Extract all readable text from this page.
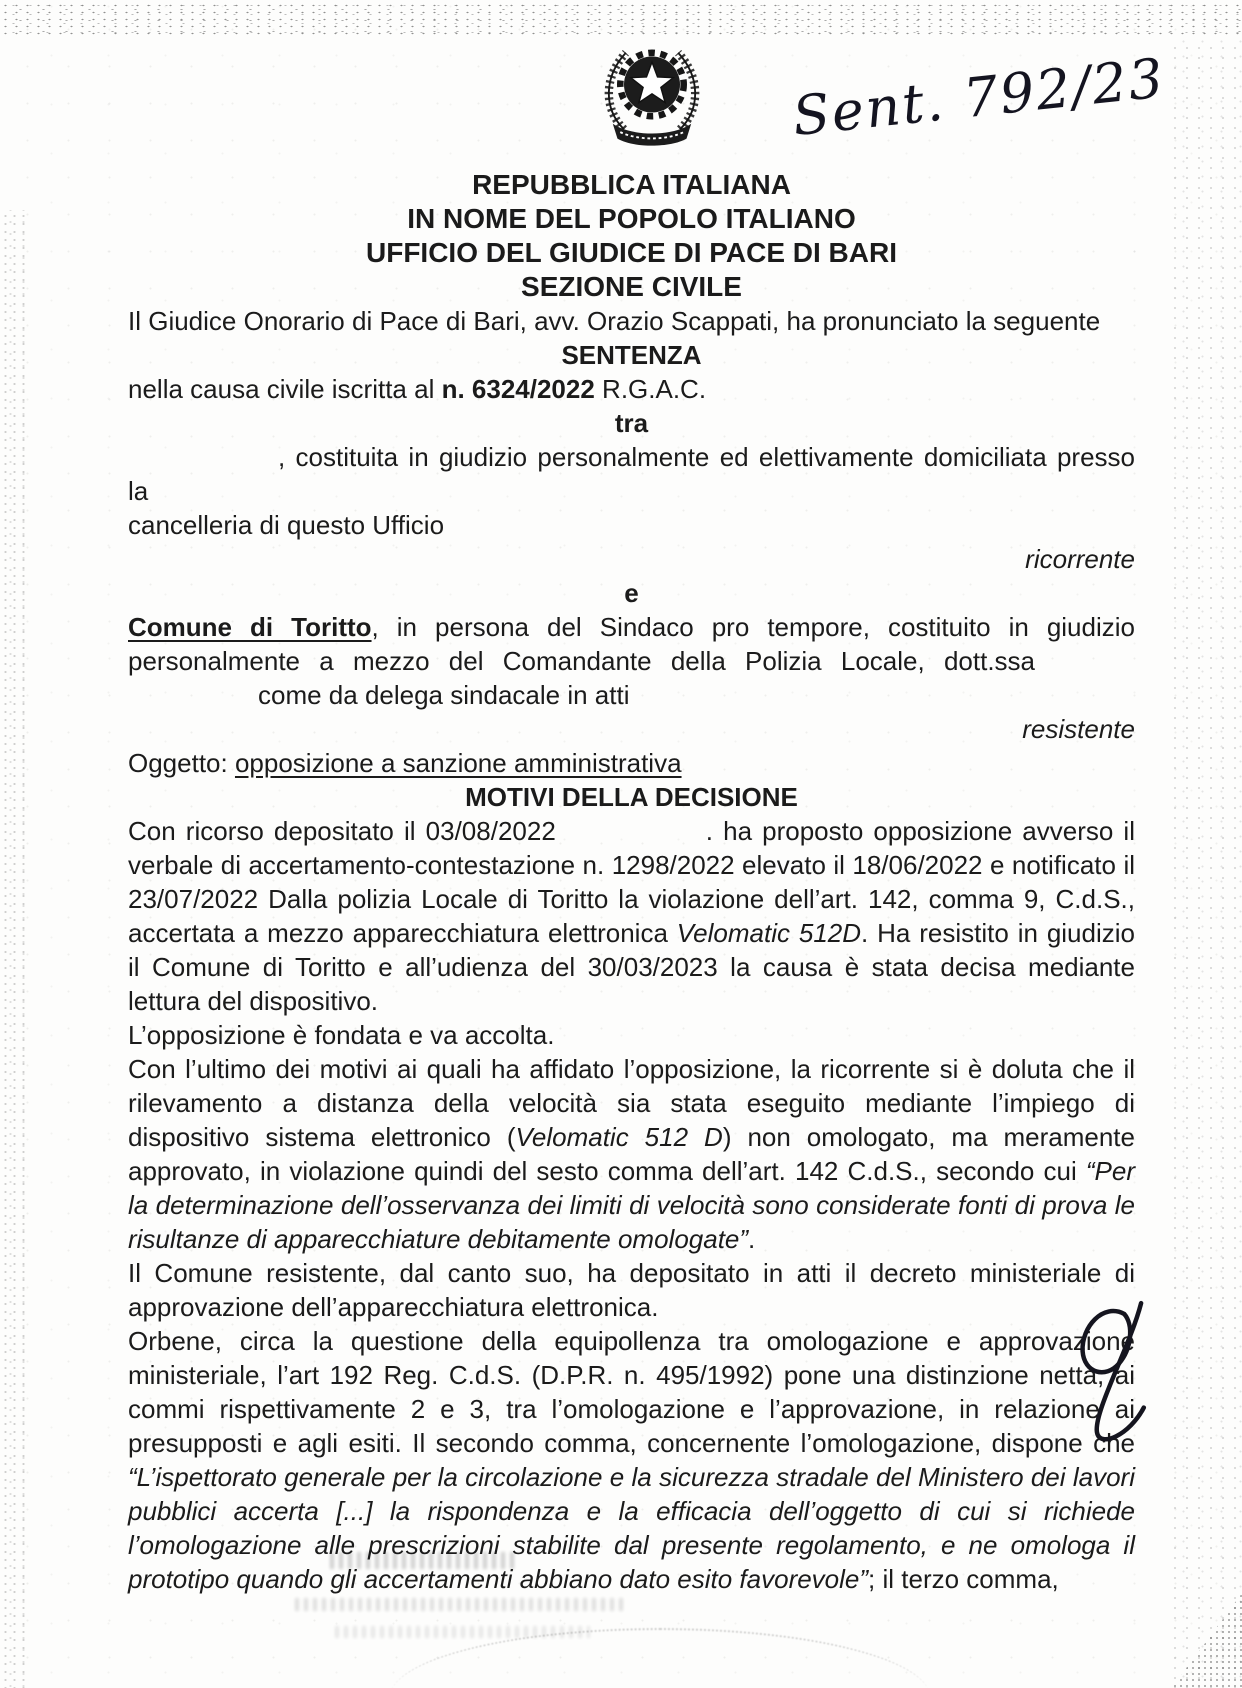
Sent. 792/23
REPUBBLICA ITALIANA
IN NOME DEL POPOLO ITALIANO
UFFICIO DEL GIUDICE DI PACE DI BARI
SEZIONE CIVILE
Il Giudice Onorario di Pace di Bari, avv. Orazio Scappati, ha pronunciato la seguente
SENTENZA
nella causa civile iscritta al n. 6324/2022 R.G.A.C.
tra
, costituita in giudizio personalmente ed elettivamente domiciliata presso la
cancelleria di questo Ufficio
ricorrente
e
Comune di Toritto, in persona del Sindaco pro tempore, costituito in giudizio
personalmente a mezzo del Comandante della Polizia Locale, dott.ssa
come da delega sindacale in atti
resistente
Oggetto: opposizione a sanzione amministrativa
MOTIVI DELLA DECISIONE
Con ricorso depositato il 03/08/2022	. ha proposto opposizione avverso il verbale di accertamento-contestazione n. 1298/2022 elevato il 18/06/2022 e notificato il 23/07/2022 Dalla polizia Locale di Toritto la violazione dell’art. 142, comma 9, C.d.S., accertata a mezzo apparecchiatura elettronica Velomatic 512D. Ha resistito in giudizio il Comune di Toritto e all’udienza del 30/03/2023 la causa è stata decisa mediante lettura del dispositivo.
L’opposizione è fondata e va accolta.
Con l’ultimo dei motivi ai quali ha affidato l’opposizione, la ricorrente si è doluta che il rilevamento a distanza della velocità sia stata eseguito mediante l’impiego di dispositivo sistema elettronico (Velomatic 512 D) non omologato, ma meramente approvato, in violazione quindi del sesto comma dell’art. 142 C.d.S., secondo cui “Per la determinazione dell’osservanza dei limiti di velocità sono considerate fonti di prova le risultanze di apparecchiature debitamente omologate”.
Il Comune resistente, dal canto suo, ha depositato in atti il decreto ministeriale di approvazione dell’apparecchiatura elettronica.
Orbene, circa la questione della equipollenza tra omologazione e approvazione ministeriale, l’art 192 Reg. C.d.S. (D.P.R. n. 495/1992) pone una distinzione netta, ai commi rispettivamente 2 e 3, tra l’omologazione e l’approvazione, in relazione ai presupposti e agli esiti. Il secondo comma, concernente l’omologazione, dispone che “L’ispettorato generale per la circolazione e la sicurezza stradale del Ministero dei lavori pubblici accerta [...] la rispondenza e la efficacia dell’oggetto di cui si richiede l’omologazione alle prescrizioni stabilite dal presente regolamento, e ne omologa il prototipo quando gli accertamenti abbiano dato esito favorevole”; il terzo comma,
